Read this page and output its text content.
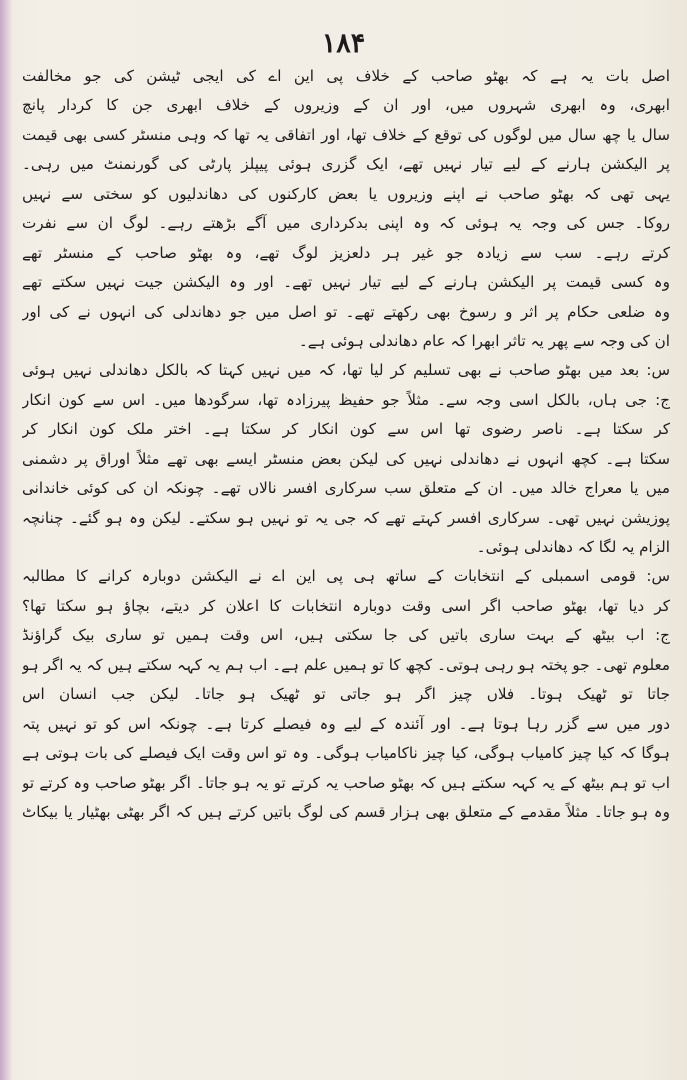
۱۸۴
اصل بات یہ ہے کہ بھٹو صاحب کے خلاف پی این اے کی ایجی ٹیشن کی جو مخالفت
ابھری، وہ ابھری شہروں میں، اور ان کے وزیروں کے خلاف ابھری جن کا کردار پانچ
سال یا چھ سال میں لوگوں کی توقع کے خلاف تھا، اور اتفاقی یہ تھا کہ وہی منسٹر کسی بھی قیمت
پر الیکشن ہارنے کے لیے تیار نہیں تھے، ایک گزری ہوئی پیپلز پارٹی کی گورنمنٹ میں رہی۔
یہی تھی کہ بھٹو صاحب نے اپنے وزیروں یا بعض کارکنوں کی دھاندلیوں کو سختی سے نہیں
روکا۔ جس کی وجہ یہ ہوئی کہ وہ اپنی بدکرداری میں آگے بڑھتے رہے۔ لوگ ان سے نفرت
کرتے رہے۔ سب سے زیادہ جو غیر ہر دلعزیز لوگ تھے، وہ بھٹو صاحب کے منسٹر تھے
وہ کسی قیمت پر الیکشن ہارنے کے لیے تیار نہیں تھے۔ اور وہ الیکشن جیت نہیں سکتے تھے
وہ ضلعی حکام پر اثر و رسوخ بھی رکھتے تھے۔ تو اصل میں جو دھاندلی کی انہوں نے کی اور
ان کی وجہ سے پھر یہ تاثر ابھرا کہ عام دھاندلی ہوئی ہے۔
س: بعد میں بھٹو صاحب نے بھی تسلیم کر لیا تھا، کہ میں نہیں کہتا کہ بالکل دھاندلی نہیں ہوئی
ج: جی ہاں، بالکل اسی وجہ سے۔ مثلاً جو حفیظ پیرزادہ تھا، سرگودھا میں۔ اس سے کون انکار
کر سکتا ہے۔ ناصر رضوی تھا اس سے کون انکار کر سکتا ہے۔ اختر ملک کون انکار کر
سکتا ہے۔ کچھ انہوں نے دھاندلی نہیں کی لیکن بعض منسٹر ایسے بھی تھے مثلاً اوراق پر دشمنی
میں یا معراج خالد میں۔ ان کے متعلق سب سرکاری افسر نالاں تھے۔ چونکہ ان کی کوئی خاندانی
پوزیشن نہیں تھی۔ سرکاری افسر کہتے تھے کہ جی یہ تو نہیں ہو سکتے۔ لیکن وہ ہو گئے۔ چنانچہ
الزام یہ لگا کہ دھاندلی ہوئی۔
س: قومی اسمبلی کے انتخابات کے ساتھ ہی پی این اے نے الیکشن دوبارہ کرانے کا مطالبہ
کر دیا تھا، بھٹو صاحب اگر اسی وقت دوبارہ انتخابات کا اعلان کر دیتے، بچاؤ ہو سکتا تھا؟
ج: اب بیٹھ کے بہت ساری باتیں کی جا سکتی ہیں، اس وقت ہمیں تو ساری بیک گراؤنڈ
معلوم تھی۔ جو پختہ ہو رہی ہوتی۔ کچھ کا تو ہمیں علم ہے۔ اب ہم یہ کہہ سکتے ہیں کہ یہ اگر ہو
جاتا تو ٹھیک ہوتا۔ فلاں چیز اگر ہو جاتی تو ٹھیک ہو جاتا۔ لیکن جب انسان اس
دور میں سے گزر رہا ہوتا ہے۔ اور آئندہ کے لیے وہ فیصلے کرتا ہے۔ چونکہ اس کو تو نہیں پتہ
ہوگا کہ کیا چیز کامیاب ہوگی، کیا چیز ناکامیاب ہوگی۔ وہ تو اس وقت ایک فیصلے کی بات ہوتی ہے
اب تو ہم بیٹھ کے یہ کہہ سکتے ہیں کہ بھٹو صاحب یہ کرتے تو یہ ہو جاتا۔ اگر بھٹو صاحب وہ کرتے تو
وہ ہو جاتا۔ مثلاً مقدمے کے متعلق بھی ہزار قسم کی لوگ باتیں کرتے ہیں کہ اگر بھٹی بھٹیار یا بیکاٹ
